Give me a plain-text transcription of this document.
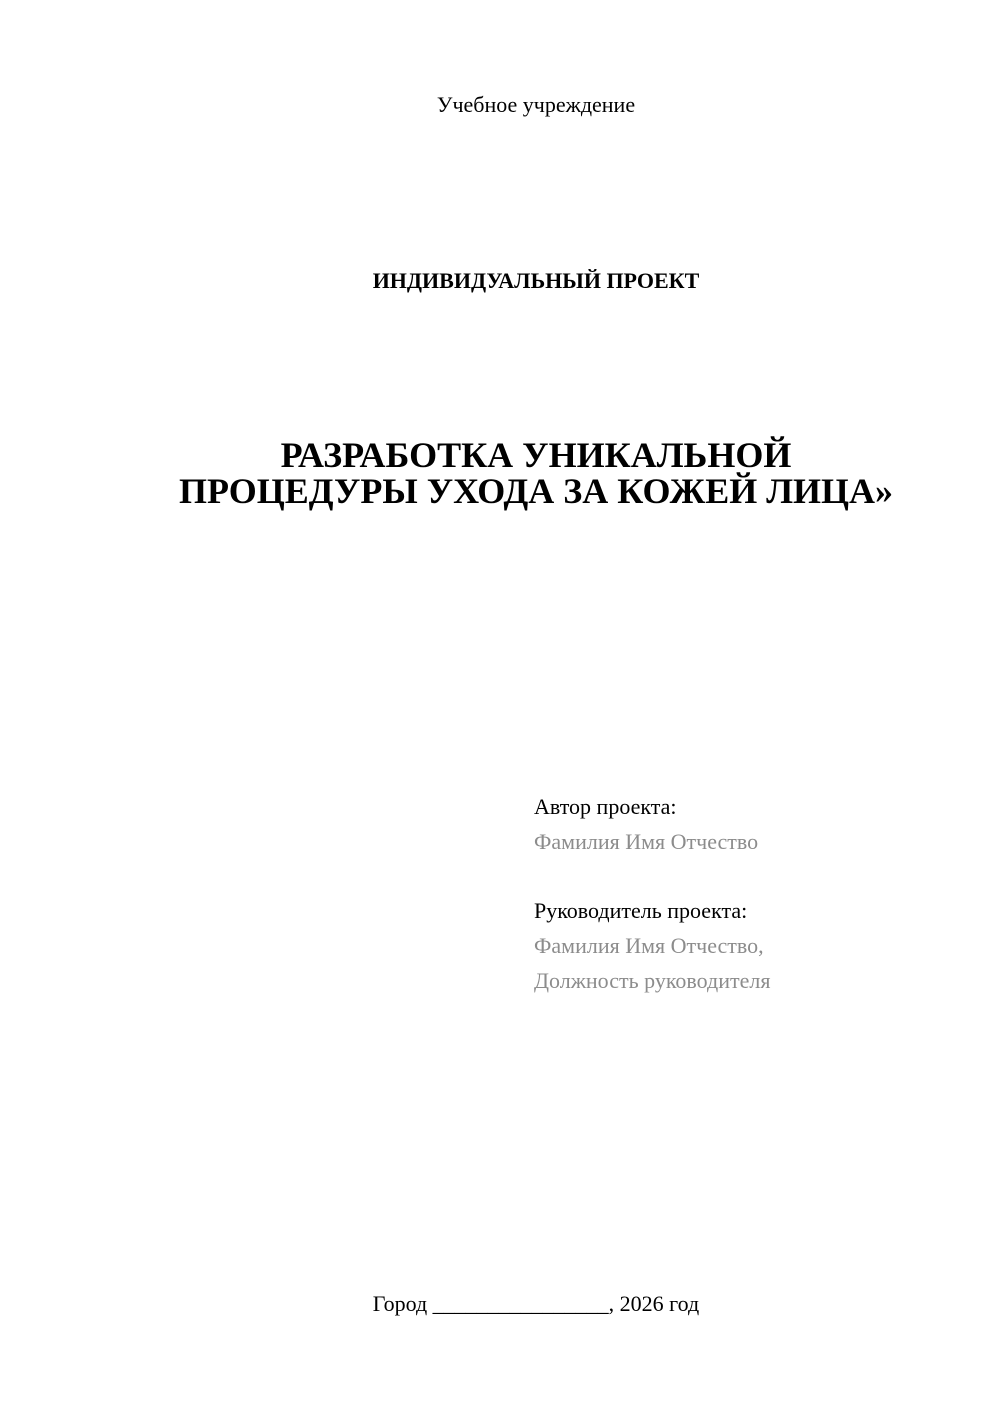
Учебное учреждение
ИНДИВИДУАЛЬНЫЙ ПРОЕКТ
РАЗРАБОТКА УНИКАЛЬНОЙ
ПРОЦЕДУРЫ УХОДА ЗА КОЖЕЙ ЛИЦА»
Автор проекта:
Фамилия Имя Отчество
Руководитель проекта:
Фамилия Имя Отчество,
Должность руководителя
Город ________________, 2026 год
